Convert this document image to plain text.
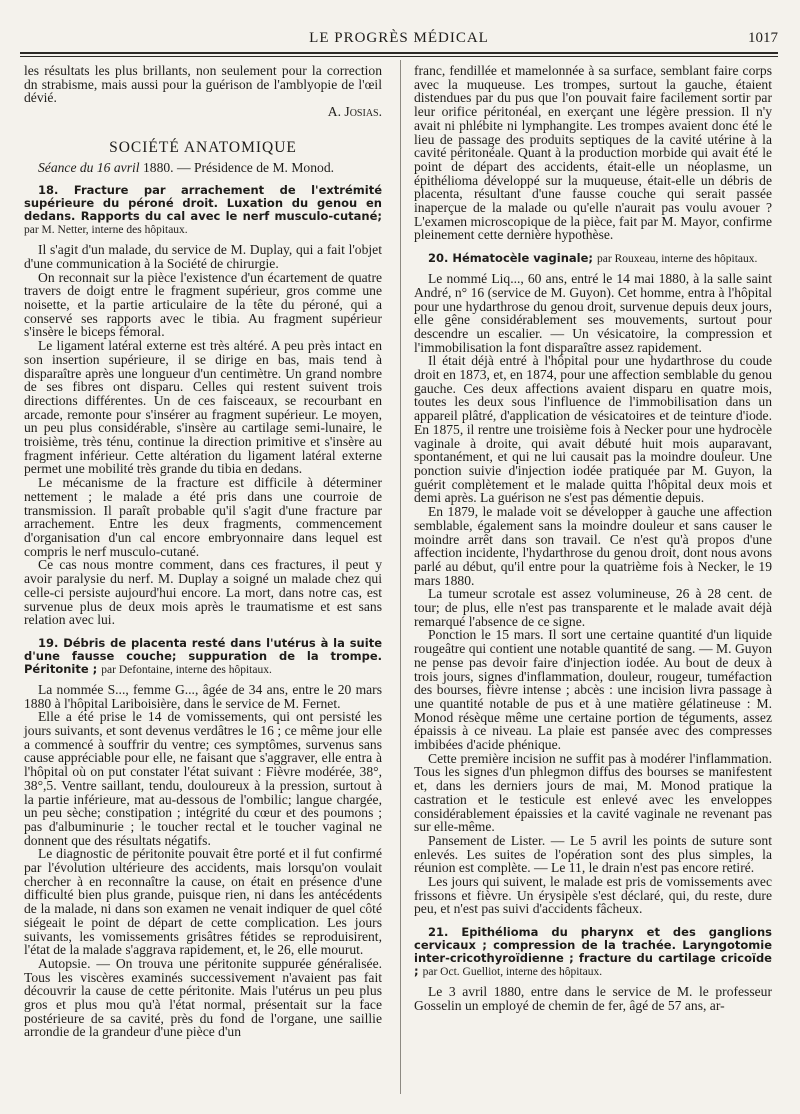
LE PROGRÈS MÉDICAL	1017

les résultats les plus brillants, non seulement pour la correction dn strabisme, mais aussi pour la guérison de l'amblyopie de l'œil dévié.

A. Josias.

SOCIÉTÉ ANATOMIQUE

Séance du 16 avril 1880. — Présidence de M. Monod.

18. Fracture par arrachement de l'extrémité supérieure du péroné droit. Luxation du genou en dedans. Rapports du cal avec le nerf musculo-cutané; par M. Netter, interne des hôpitaux.

Il s'agit d'un malade, du service de M. Duplay, qui a fait l'objet d'une communication à la Société de chirurgie.

On reconnait sur la pièce l'existence d'un écartement de quatre travers de doigt entre le fragment supérieur, gros comme une noisette, et la partie articulaire de la tête du péroné, qui a conservé ses rapports avec le tibia. Au fragment supérieur s'insère le biceps fémoral.

Le ligament latéral externe est très altéré. A peu près intact en son insertion supérieure, il se dirige en bas, mais tend à disparaître après une longueur d'un centimètre. Un grand nombre de ses fibres ont disparu. Celles qui restent suivent trois directions différentes. Un de ces faisceaux, se recourbant en arcade, remonte pour s'insérer au fragment supérieur. Le moyen, un peu plus considérable, s'insère au cartilage semi-lunaire, le troisième, très ténu, continue la direction primitive et s'insère au fragment inférieur. Cette altération du ligament latéral externe permet une mobilité très grande du tibia en dedans.

Le mécanisme de la fracture est difficile à déterminer nettement ; le malade a été pris dans une courroie de transmission. Il paraît probable qu'il s'agit d'une fracture par arrachement. Entre les deux fragments, commencement d'organisation d'un cal encore embryonnaire dans lequel est compris le nerf musculo-cutané.

Ce cas nous montre comment, dans ces fractures, il peut y avoir paralysie du nerf. M. Duplay a soigné un malade chez qui celle-ci persiste aujourd'hui encore. La mort, dans notre cas, est survenue plus de deux mois après le traumatisme et est sans relation avec lui.

19. Débris de placenta resté dans l'utérus à la suite d'une fausse couche; suppuration de la trompe. Péritonite ; par Defontaine, interne des hôpitaux.

La nommée S..., femme G..., âgée de 34 ans, entre le 20 mars 1880 à l'hôpital Lariboisière, dans le service de M. Fernet.

Elle a été prise le 14 de vomissements, qui ont persisté les jours suivants, et sont devenus verdâtres le 16 ; ce même jour elle a commencé à souffrir du ventre; ces symptômes, survenus sans cause appréciable pour elle, ne faisant que s'aggraver, elle entra à l'hôpital où on put constater l'état suivant : Fièvre modérée, 38°, 38°,5. Ventre saillant, tendu, douloureux à la pression, surtout à la partie inférieure, mat au-dessous de l'ombilic; langue chargée, un peu sèche; constipation ; intégrité du cœur et des poumons ; pas d'albuminurie ; le toucher rectal et le toucher vaginal ne donnent que des résultats négatifs.

Le diagnostic de péritonite pouvait être porté et il fut confirmé par l'évolution ultérieure des accidents, mais lorsqu'on voulait chercher à en reconnaître la cause, on était en présence d'une difficulté bien plus grande, puisque rien, ni dans les antécédents de la malade, ni dans son examen ne venait indiquer de quel côté siégeait le point de départ de cette complication. Les jours suivants, les vomissements grisâtres fétides se reproduisirent, l'état de la malade s'aggrava rapidement, et, le 26, elle mourut.

Autopsie. — On trouva une péritonite suppurée généralisée. Tous les viscères examinés successivement n'avaient pas fait découvrir la cause de cette péritonite. Mais l'utérus un peu plus gros et plus mou qu'à l'état normal, présentait sur la face postérieure de sa cavité, près du fond de l'organe, une saillie arrondie de la grandeur d'une pièce d'un

franc, fendillée et mamelonnée à sa surface, semblant faire corps avec la muqueuse. Les trompes, surtout la gauche, étaient distendues par du pus que l'on pouvait faire facilement sortir par leur orifice péritonéal, en exerçant une légère pression. Il n'y avait ni phlébite ni lymphangite. Les trompes avaient donc été le lieu de passage des produits septiques de la cavité utérine à la cavité péritonéale. Quant à la production morbide qui avait été le point de départ des accidents, était-elle un néoplasme, un épithélioma développé sur la muqueuse, était-elle un débris de placenta, résultant d'une fausse couche qui serait passée inaperçue de la malade ou qu'elle n'aurait pas voulu avouer ? L'examen microscopique de la pièce, fait par M. Mayor, confirme pleinement cette dernière hypothèse.

20. Hématocèle vaginale; par Rouxeau, interne des hôpitaux.

Le nommé Liq..., 60 ans, entré le 14 mai 1880, à la salle saint André, n° 16 (service de M. Guyon). Cet homme, entra à l'hôpital pour une hydarthrose du genou droit, survenue depuis deux jours, elle gêne considérablement ses mouvements, surtout pour descendre un escalier. — Un vésicatoire, la compression et l'immobilisation la font disparaître assez rapidement.

Il était déjà entré à l'hôpital pour une hydarthrose du coude droit en 1873, et, en 1874, pour une affection semblable du genou gauche. Ces deux affections avaient disparu en quatre mois, toutes les deux sous l'influence de l'immobilisation dans un appareil plâtré, d'application de vésicatoires et de teinture d'iode. En 1875, il rentre une troisième fois à Necker pour une hydrocèle vaginale à droite, qui avait débuté huit mois auparavant, spontanément, et qui ne lui causait pas la moindre douleur. Une ponction suivie d'injection iodée pratiquée par M. Guyon, la guérit complètement et le malade quitta l'hôpital deux mois et demi après. La guérison ne s'est pas démentie depuis.

En 1879, le malade voit se développer à gauche une affection semblable, également sans la moindre douleur et sans causer le moindre arrêt dans son travail. Ce n'est qu'à propos d'une affection incidente, l'hydarthrose du genou droit, dont nous avons parlé au début, qu'il entre pour la quatrième fois à Necker, le 19 mars 1880.

La tumeur scrotale est assez volumineuse, 26 à 28 cent. de tour; de plus, elle n'est pas transparente et le malade avait déjà remarqué l'absence de ce signe.

Ponction le 15 mars. Il sort une certaine quantité d'un liquide rougeâtre qui contient une notable quantité de sang. — M. Guyon ne pense pas devoir faire d'injection iodée. Au bout de deux à trois jours, signes d'inflammation, douleur, rougeur, tuméfaction des bourses, fièvre intense ; abcès : une incision livra passage à une quantité notable de pus et à une matière gélatineuse : M. Monod résèque même une certaine portion de téguments, assez épaissis à ce niveau. La plaie est pansée avec des compresses imbibées d'acide phénique.

Cette première incision ne suffit pas à modérer l'inflammation. Tous les signes d'un phlegmon diffus des bourses se manifestent et, dans les derniers jours de mai, M. Monod pratique la castration et le testicule est enlevé avec les enveloppes considérablement épaissies et la cavité vaginale ne revenant pas sur elle-même.

Pansement de Lister. — Le 5 avril les points de suture sont enlevés. Les suites de l'opération sont des plus simples, la réunion est complète. — Le 11, le drain n'est pas encore retiré.

Les jours qui suivent, le malade est pris de vomissements avec frissons et fièvre. Un érysipèle s'est déclaré, qui, du reste, dure peu, et n'est pas suivi d'accidents fâcheux.

21. Epithélioma du pharynx et des ganglions cervicaux ; compression de la trachée. Laryngotomie inter-cricothyroïdienne ; fracture du cartilage cricoïde ; par Oct. Guelliot, interne des hôpitaux.

Le 3 avril 1880, entre dans le service de M. le professeur Gosselin un employé de chemin de fer, âgé de 57 ans, ar-
